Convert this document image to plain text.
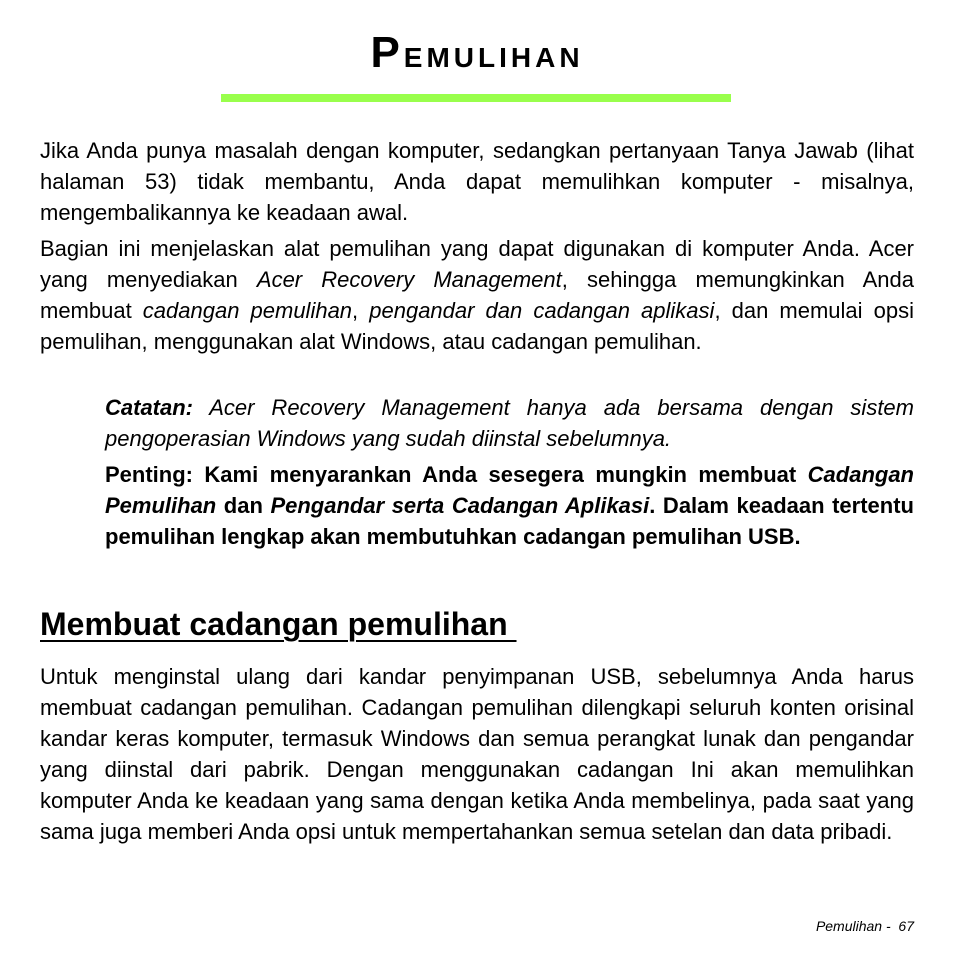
Pemulihan

Jika Anda punya masalah dengan komputer, sedangkan pertanyaan Tanya Jawab (lihat halaman 53) tidak membantu, Anda dapat memulihkan komputer - misalnya, mengembalikannya ke keadaan awal.

Bagian ini menjelaskan alat pemulihan yang dapat digunakan di komputer Anda. Acer yang menyediakan Acer Recovery Management, sehingga memungkinkan Anda membuat cadangan pemulihan, pengandar dan cadangan aplikasi, dan memulai opsi pemulihan, menggunakan alat Windows, atau cadangan pemulihan.

Catatan: Acer Recovery Management hanya ada bersama dengan sistem pengoperasian Windows yang sudah diinstal sebelumnya.

Penting: Kami menyarankan Anda sesegera mungkin membuat Cadangan Pemulihan dan Pengandar serta Cadangan Aplikasi. Dalam keadaan tertentu pemulihan lengkap akan membutuhkan cadangan pemulihan USB.

Membuat cadangan pemulihan

Untuk menginstal ulang dari kandar penyimpanan USB, sebelumnya Anda harus membuat cadangan pemulihan. Cadangan pemulihan dilengkapi seluruh konten orisinal kandar keras komputer, termasuk Windows dan semua perangkat lunak dan pengandar yang diinstal dari pabrik. Dengan menggunakan cadangan Ini akan memulihkan komputer Anda ke keadaan yang sama dengan ketika Anda membelinya, pada saat yang sama juga memberi Anda opsi untuk mempertahankan semua setelan dan data pribadi.

Pemulihan -  67
